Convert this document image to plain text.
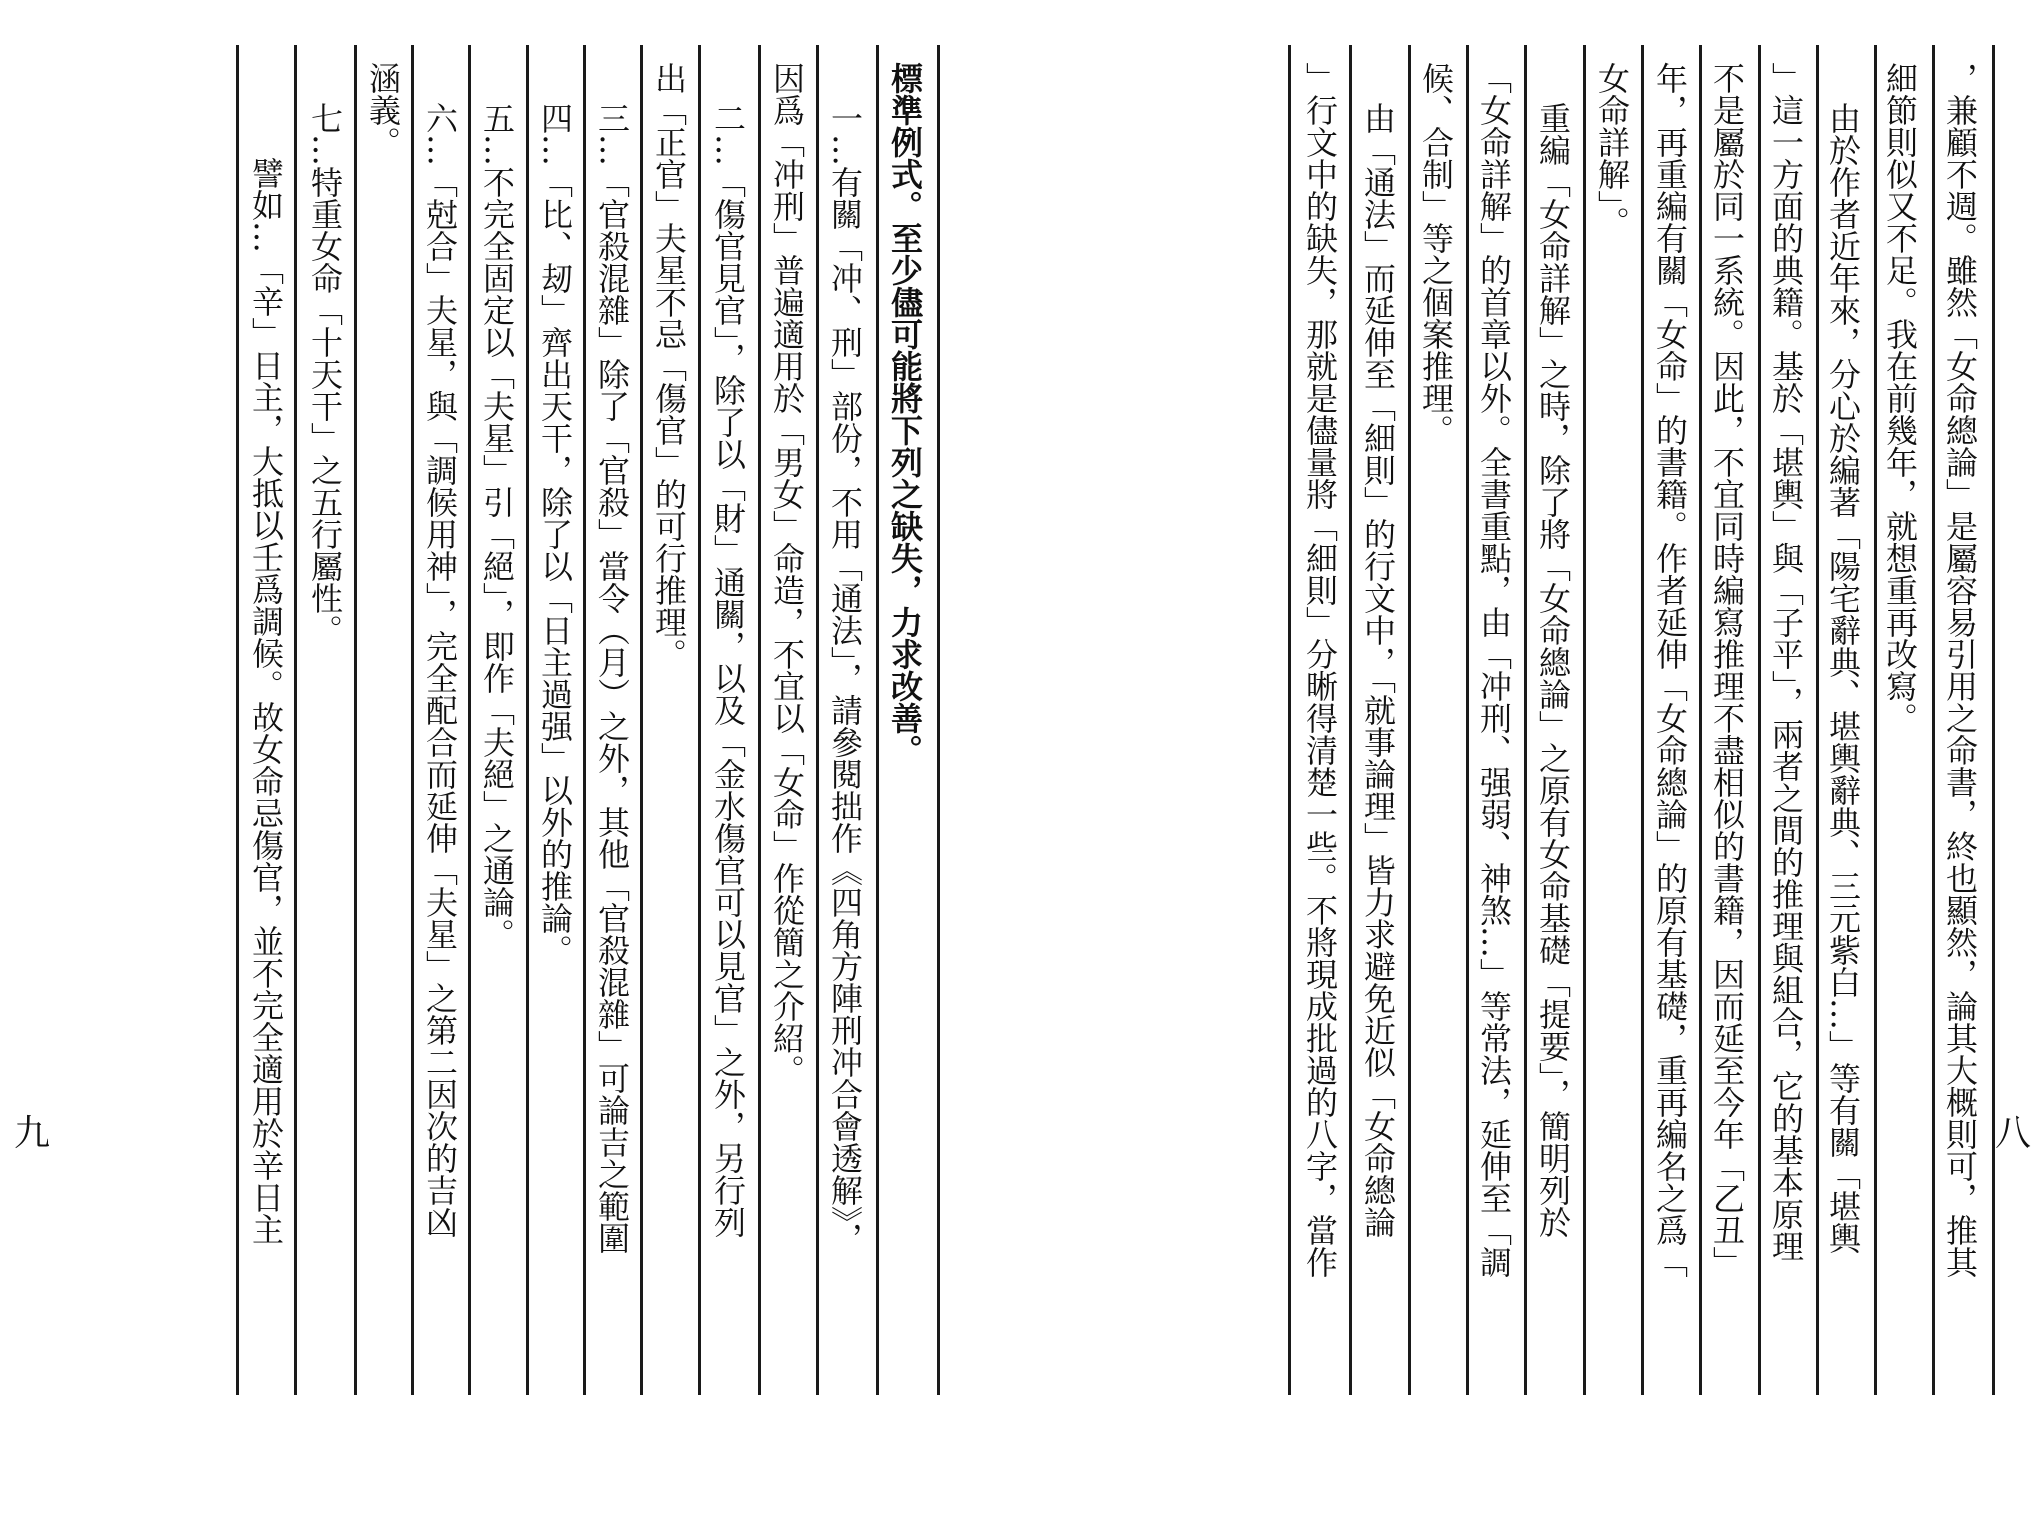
九
標準例式。至少儘可能將下列之缺失，力求改善。
一…有關「冲、刑」部份，不用「通法」，請參閱拙作《四角方陣刑冲合會透解》，
因爲「冲刑」普遍適用於「男女」命造，不宜以「女命」作從簡之介紹。
二…「傷官見官」，除了以「財」通關，以及「金水傷官可以見官」之外，另行列
出「正官」夫星不忌「傷官」的可行推理。
三…「官殺混雜」除了「官殺」當令（月）之外，其他「官殺混雜」可論吉之範圍
四…「比、刼」齊出天干，除了以「日主過强」以外的推論。
五…不完全固定以「夫星」引「絕」，即作「夫絕」之通論。
六…「尅合」夫星，與「調候用神」，完全配合而延伸「夫星」之第二因次的吉凶
涵義。
七…特重女命「十天干」之五行屬性。
譬如…「辛」日主，大抵以壬爲調候。故女命忌傷官，並不完全適用於辛日主	八
，兼顧不週。雖然「女命總論」是屬容易引用之命書，終也顯然，論其大概則可，推其
細節則似又不足。我在前幾年，就想重再改寫。
由於作者近年來，分心於編著「陽宅辭典、堪輿辭典、三元紫白…」等有關「堪輿
」這一方面的典籍。基於「堪輿」與「子平」，兩者之間的推理與組合，它的基本原理
不是屬於同一系統。因此，不宜同時編寫推理不盡相似的書籍，因而延至今年「乙丑」
年，再重編有關「女命」的書籍。作者延伸「女命總論」的原有基礎，重再編名之爲「
女命詳解」。
重編「女命詳解」之時，除了將「女命總論」之原有女命基礎「提要」，簡明列於
「女命詳解」的首章以外。全書重點，由「冲刑、强弱、神煞…」等常法，延伸至「調
候、合制」等之個案推理。
由「通法」而延伸至「細則」的行文中，「就事論理」皆力求避免近似「女命總論
」行文中的缺失，那就是儘量將「細則」分晰得清楚一些。不將現成批過的八字，當作
